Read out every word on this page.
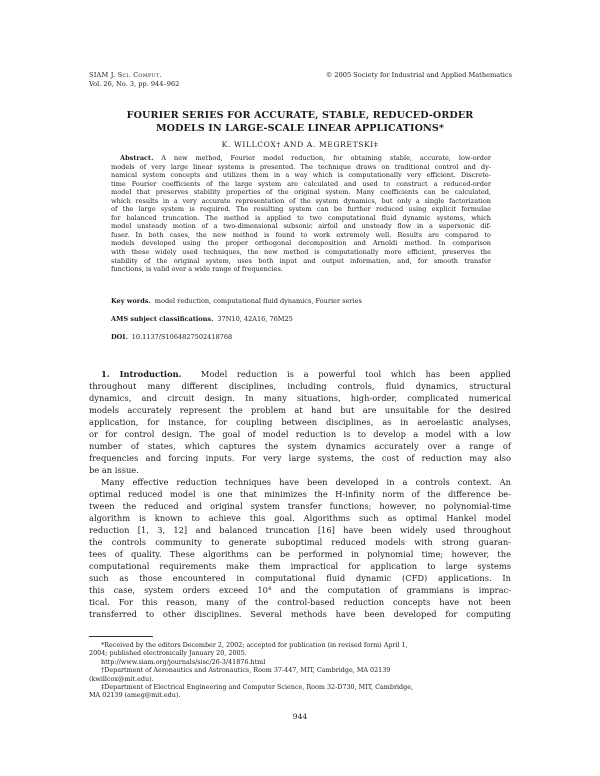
SIAM J. Sci. Comput.
Vol. 26, No. 3, pp. 944–962
© 2005 Society for Industrial and Applied Mathematics
FOURIER SERIES FOR ACCURATE, STABLE, REDUCED-ORDER
MODELS IN LARGE-SCALE LINEAR APPLICATIONS*
K. WILLCOX† AND A. MEGRETSKI‡
Abstract. A new method, Fourier model reduction, for obtaining stable, accurate, low-order
models of very large linear systems is presented. The technique draws on traditional control and dy-
namical system concepts and utilizes them in a way which is computationally very efficient. Discrete-
time Fourier coefficients of the large system are calculated and used to construct a reduced-order
model that preserves stability properties of the original system. Many coefficients can be calculated,
which results in a very accurate representation of the system dynamics, but only a single factorization
of the large system is required. The resulting system can be further reduced using explicit formulae
for balanced truncation. The method is applied to two computational fluid dynamic systems, which
model unsteady motion of a two-dimensional subsonic airfoil and unsteady flow in a supersonic dif-
fuser. In both cases, the new method is found to work extremely well. Results are compared to
models developed using the proper orthogonal decomposition and Arnoldi method. In comparison
with these widely used techniques, the new method is computationally more efficient, preserves the
stability of the original system, uses both input and output information, and, for smooth transfer
functions, is valid over a wide range of frequencies.
Key words. model reduction, computational fluid dynamics, Fourier series
AMS subject classifications. 37N10, 42A16, 76M25
DOI. 10.1137/S1064827502418768
1. Introduction. Model reduction is a powerful tool which has been applied
throughout many different disciplines, including controls, fluid dynamics, structural
dynamics, and circuit design. In many situations, high-order, complicated numerical
models accurately represent the problem at hand but are unsuitable for the desired
application, for instance, for coupling between disciplines, as in aeroelastic analyses,
or for control design. The goal of model reduction is to develop a model with a low
number of states, which captures the system dynamics accurately over a range of
frequencies and forcing inputs. For very large systems, the cost of reduction may also
be an issue.
Many effective reduction techniques have been developed in a controls context. An
optimal reduced model is one that minimizes the H-infinity norm of the difference be-
tween the reduced and original system transfer functions; however, no polynomial-time
algorithm is known to achieve this goal. Algorithms such as optimal Hankel model
reduction [1, 3, 12] and balanced truncation [16] have been widely used throughout
the controls community to generate suboptimal reduced models with strong guaran-
tees of quality. These algorithms can be performed in polynomial time; however, the
computational requirements make them impractical for application to large systems
such as those encountered in computational fluid dynamic (CFD) applications. In
this case, system orders exceed 10⁴ and the computation of grammians is imprac-
tical. For this reason, many of the control-based reduction concepts have not been
transferred to other disciplines. Several methods have been developed for computing
*Received by the editors December 2, 2002; accepted for publication (in revised form) April 1,
2004; published electronically January 20, 2005.
http://www.siam.org/journals/sisc/26-3/41876.html
†Department of Aeronautics and Astronautics, Room 37-447, MIT, Cambridge, MA 02139
(kwillcox@mit.edu).
‡Department of Electrical Engineering and Computer Science, Room 32-D730, MIT, Cambridge,
MA 02139 (ameg@mit.edu).
944
